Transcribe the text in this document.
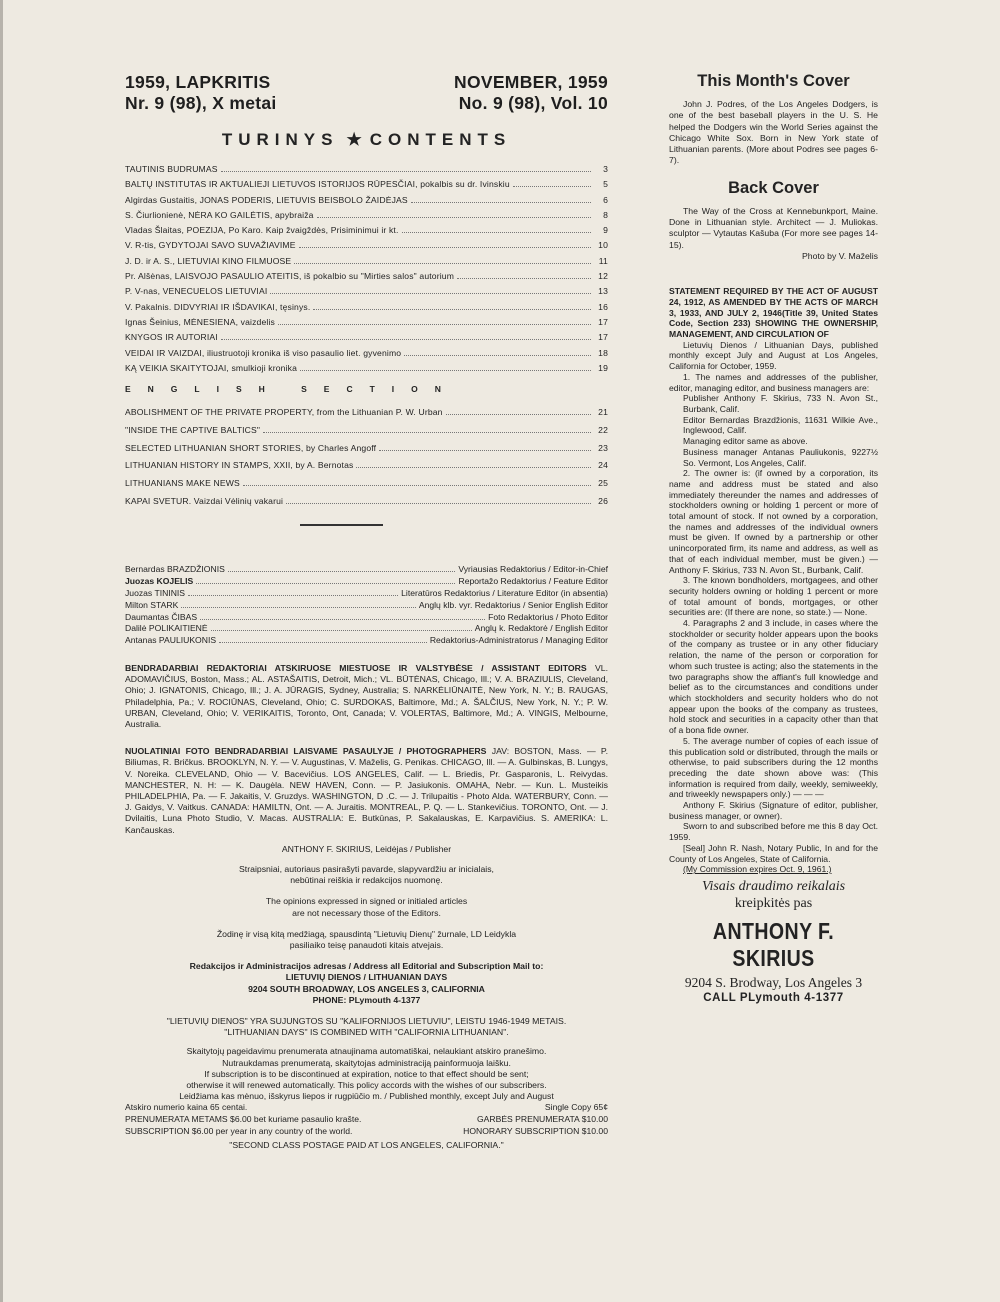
1959, LAPKRITIS
Nr. 9 (98), X metai
NOVEMBER, 1959
No. 9 (98), Vol. 10
TURINYS ★ CONTENTS
TAUTINIS BUDRUMAS	3
BALTŲ INSTITUTAS IR AKTUALIEJI LIETUVOS ISTORIJOS RŪPESČIAI, pokalbis su dr. Ivinskiu	5
Algirdas Gustaitis, JONAS PODERIS, LIETUVIS BEISBOLO ŽAIDĖJAS	6
S. Čiurlionienė, NĖRA KO GAILĖTIS, apybraiža	8
Vladas Šlaitas, POEZIJA, Po Karo. Kaip žvaigždės, Prisiminimui ir kt.	9
V. R-tis, GYDYTOJAI SAVO SUVAŽIAVIME	10
J. D. ir A. S., LIETUVIAI KINO FILMUOSE	11
Pr. Alšėnas, LAISVOJO PASAULIO ATEITIS, iš pokalbio su "Mirties salos" autorium	12
P. V-nas, VENECUELOS LIETUVIAI	13
V. Pakalnis. DIDVYRIAI IR IŠDAVIKAI, tęsinys.	16
Ignas Šeinius, MĖNESIENA, vaizdelis	17
KNYGOS IR AUTORIAI	17
VEIDAI IR VAIZDAI, iliustruotoji kronika iš viso pasaulio liet. gyvenimo	18
KĄ VEIKIA SKAITYTOJAI, smulkioji kronika	19
ENGLISH SECTION
ABOLISHMENT OF THE PRIVATE PROPERTY, from the Lithuanian P. W. Urban	21
"INSIDE THE CAPTIVE BALTICS"	22
SELECTED LITHUANIAN SHORT STORIES, by Charles Angoff	23
LITHUANIAN HISTORY IN STAMPS, XXII, by A. Bernotas	24
LITHUANIANS MAKE NEWS	25
KAPAI SVETUR. Vaizdai Vėlinių vakarui	26
Bernardas BRAZDŽIONIS	Vyriausias Redaktorius / Editor-in-Chief
Juozas KOJELIS	Reportažo Redaktorius / Feature Editor
Juozas TININIS	Literatūros Redaktorius / Literature Editor (in absentia)
Milton STARK	Anglų klb. vyr. Redaktorius / Senior English Editor
Daumantas ČIBAS	Foto Redaktorius / Photo Editor
Dalilė POLIKAITIENĖ	Anglų k. Redaktorė / English Editor
Antanas PAULIUKONIS	Redaktorius-Administratorus / Managing Editor
BENDRADARBIAI REDAKTORIAI ATSKIRUOSE MIESTUOSE IR VALSTYBĖSE / ASSISTANT EDITORS VL. ADOMAVIČIUS, Boston, Mass.; AL. ASTAŠAITIS, Detroit, Mich.; VL. BŪTĖNAS, Chicago, Ill.; V. A. BRAZIULIS, Cleveland, Ohio; J. IGNATONIS, Chicago, Ill.; J. A. JŪRAGIS, Sydney, Australia; S. NARKĖLIŪNAITĖ, New York, N. Y.; B. RAUGAS, Philadelphia, Pa.; V. ROCIŪNAS, Cleveland, Ohio; C. SURDOKAS, Baltimore, Md.; A. ŠALČIUS, New York, N. Y.; P. W. URBAN, Cleveland, Ohio; V. VERIKAITIS, Toronto, Ont, Canada; V. VOLERTAS, Baltimore, Md.; A. VINGIS, Melbourne, Australia.
NUOLATINIAI FOTO BENDRADARBIAI LAISVAME PASAULYJE / PHOTOGRAPHERS JAV: BOSTON, Mass. — P. Biliumas, R. Bričkus. BROOKLYN, N. Y. — V. Augustinas, V. Maželis, G. Penikas. CHICAGO, Ill. — A. Gulbinskas, B. Lungys, V. Noreika. CLEVELAND, Ohio — V. Bacevičius. LOS ANGELES, Calif. — L. Briedis, Pr. Gasparonis, L. Reivydas. MANCHESTER, N. H: — K. Daugėla. NEW HAVEN, Conn. — P. Jasiukonis. OMAHA, Nebr. — Kun. L. Musteikis PHILADELPHIA, Pa. — F. Jakaitis, V. Gruzdys. WASHINGTON, D .C. — J. Trilupaitis - Photo Alda. WATERBURY, Conn. — J. Gaidys, V. Vaitkus. CANADA: HAMILTN, Ont. — A. Juraitis. MONTREAL, P. Q. — L. Stankevičius. TORONTO, Ont. — J. Dvilaitis, Luna Photo Studio, V. Macas. AUSTRALIA: E. Butkūnas, P. Sakalauskas, E. Karpavičius. S. AMERIKA: L. Kančauskas.
ANTHONY F. SKIRIUS, Leidėjas / Publisher
Straipsniai, autoriaus pasirašyti pavarde, slapyvardžiu ar inicialais,
nebūtinai reiškia ir redakcijos nuomonę.
The opinions expressed in signed or initialed articles
are not necessary those of the Editors.
Žodinę ir visą kitą medžiagą, spausdintą "Lietuvių Dienų" žurnale, LD Leidykla
pasiliaiko teisę panaudoti kitais atvejais.
Redakcijos ir Administracijos adresas / Address all Editorial and Subscription Mail to:
LIETUVIŲ DIENOS / LITHUANIAN DAYS
9204 SOUTH BROADWAY, LOS ANGELES 3, CALIFORNIA
PHONE: PLymouth 4-1377
"LIETUVIŲ DIENOS" YRA SUJUNGTOS SU "KALIFORNIJOS LIETUVIU", LEISTU 1946-1949 METAIS.
"LITHUANIAN DAYS" IS COMBINED WITH "CALIFORNIA LITHUANIAN".
Skaitytojų pageidavimu prenumerata atnaujinama automatiškai, nelaukiant atskiro pranešimo.
Nutraukdamas prenumeratą, skaitytojas administraciją painformuoja laišku.
If subscription is to be discontinued at expiration, notice to that effect should be sent;
otherwise it will renewed automatically. This policy accords with the wishes of our subscribers.
Leidžiama kas mėnuo, išskyrus liepos ir rugpiūčio m. / Published monthly, except July and August
Atskiro numerio kaina 65 centai.	Single Copy 65¢
PRENUMERATA METAMS $6.00 bet kuriame pasaulio krašte.	GARBĖS PRENUMERATA $10.00
SUBSCRIPTION $6.00 per year in any country of the world.	HONORARY SUBSCRIPTION $10.00
"SECOND CLASS POSTAGE PAID AT LOS ANGELES, CALIFORNIA."
This Month's Cover

John J. Podres, of the Los Angeles Dodgers, is one of the best baseball players in the U. S. He helped the Dodgers win the World Series against the Chicago White Sox. Born in New York state of Lithuanian parents. (More about Podres see pages 6-7).

Back Cover

The Way of the Cross at Kennebunkport, Maine. Done in Lithuanian style. Architect — J. Muliokas. sculptor — Vytautas Kašuba (For more see pages 14-15).

Photo by V. Maželis

STATEMENT REQUIRED BY THE ACT OF AUGUST 24, 1912, AS AMENDED BY THE ACTS OF MARCH 3, 1933, AND JULY 2, 1946(Title 39, United States Code, Section 233) SHOWING THE OWNERSHIP, MANAGEMENT, AND CIRCULATION OF

Lietuvių Dienos / Lithuanian Days, published monthly except July and August at Los Angeles, California for October, 1959.

1. The names and addresses of the publisher, editor, managing editor, and business managers are:

Publisher Anthony F. Skirius, 733 N. Avon St., Burbank, Calif.

Editor Bernardas Brazdžionis, 11631 Wilkie Ave., Inglewood, Calif.

Managing editor same as above.

Business manager Antanas Pauliukonis, 9227½ So. Vermont, Los Angeles, Calif.

2. The owner is: (if owned by a corporation, its name and address must be stated and also immediately thereunder the names and addresses of stockholders owning or holding 1 percent or more of total amount of stock. If not owned by a corporation, the names and addresses of the individual owners must be given. If owned by a partnership or other unincorporated firm, its name and address, as well as that of each individual member, must be given.) —Anthony F. Skirius, 733 N. Avon St., Burbank, Calif.

3. The known bondholders, mortgagees, and other security holders owning or holding 1 percent or more of total amount of bonds, mortgages, or other securities are: (If there are none, so state.) — None.

4. Paragraphs 2 and 3 include, in cases where the stockholder or security holder appears upon the books of the company as trustee or in any other fiduciary relation, the name of the person or corporation for whom such trustee is acting; also the statements in the two paragraphs show the affiant's full knowledge and belief as to the circumstances and conditions under which stockholders and security holders who do not appear upon the books of the company as trustees, hold stock and securities in a capacity other than that of a bona fide owner.

5. The average number of copies of each issue of this publication sold or distributed, through the mails or otherwise, to paid subscribers during the 12 months preceding the date shown above was: (This information is required from daily, weekly, semiweekly, and triweekly newspapers only.) — — —

Anthony F. Skirius (Signature of editor, publisher, business manager, or owner).

Sworn to and subscribed before me this 8 day Oct. 1959.

[Seal] John R. Nash, Notary Public, In and for the County of Los Angeles, State of California.

(My Commission expires Oct. 9, 1961.)

Visais draudimo reikalais
kreipkitės pas
ANTHONY F. SKIRIUS
9204 S. Brodway, Los Angeles 3
CALL PLymouth 4-1377
